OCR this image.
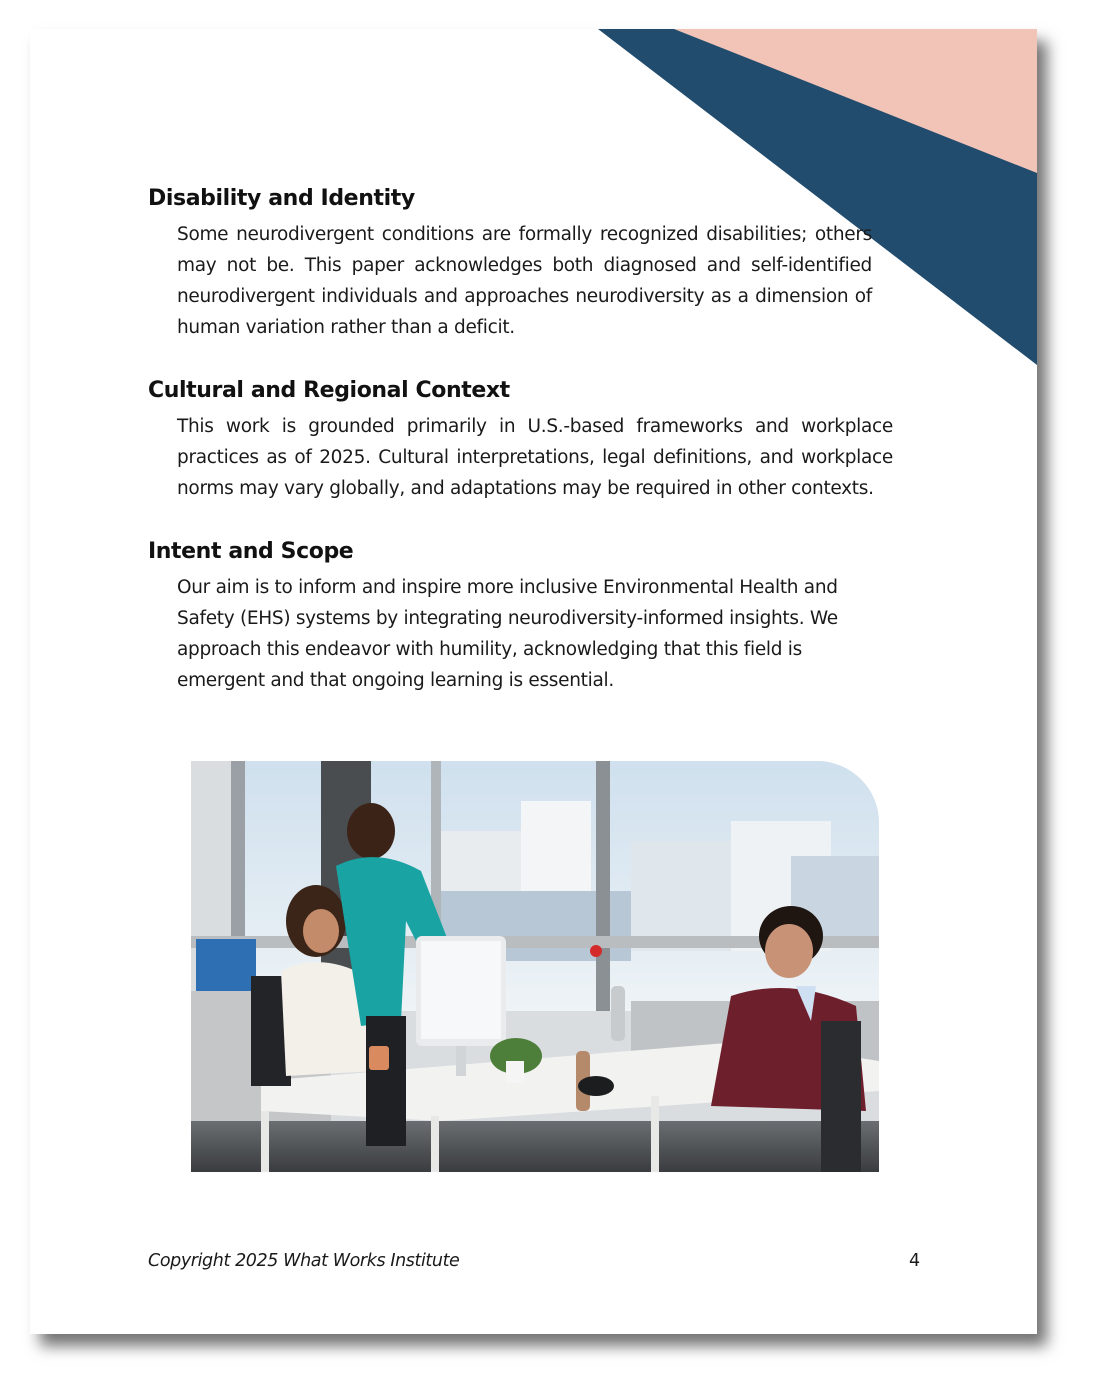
Disability and Identity

Some neurodivergent conditions are formally recognized disabilities; others may not be. This paper acknowledges both diagnosed and self-identified neurodivergent individuals and approaches neurodiversity as a dimension of human variation rather than a deficit.

Cultural and Regional Context

This work is grounded primarily in U.S.-based frameworks and workplace practices as of 2025. Cultural interpretations, legal definitions, and workplace norms may vary globally, and adaptations may be required in other contexts.

Intent and Scope

Our aim is to inform and inspire more inclusive Environmental Health and Safety (EHS) systems by integrating neurodiversity-informed insights. We approach this endeavor with humility, acknowledging that this field is emergent and that ongoing learning is essential.

Copyright 2025 What Works Institute	4
